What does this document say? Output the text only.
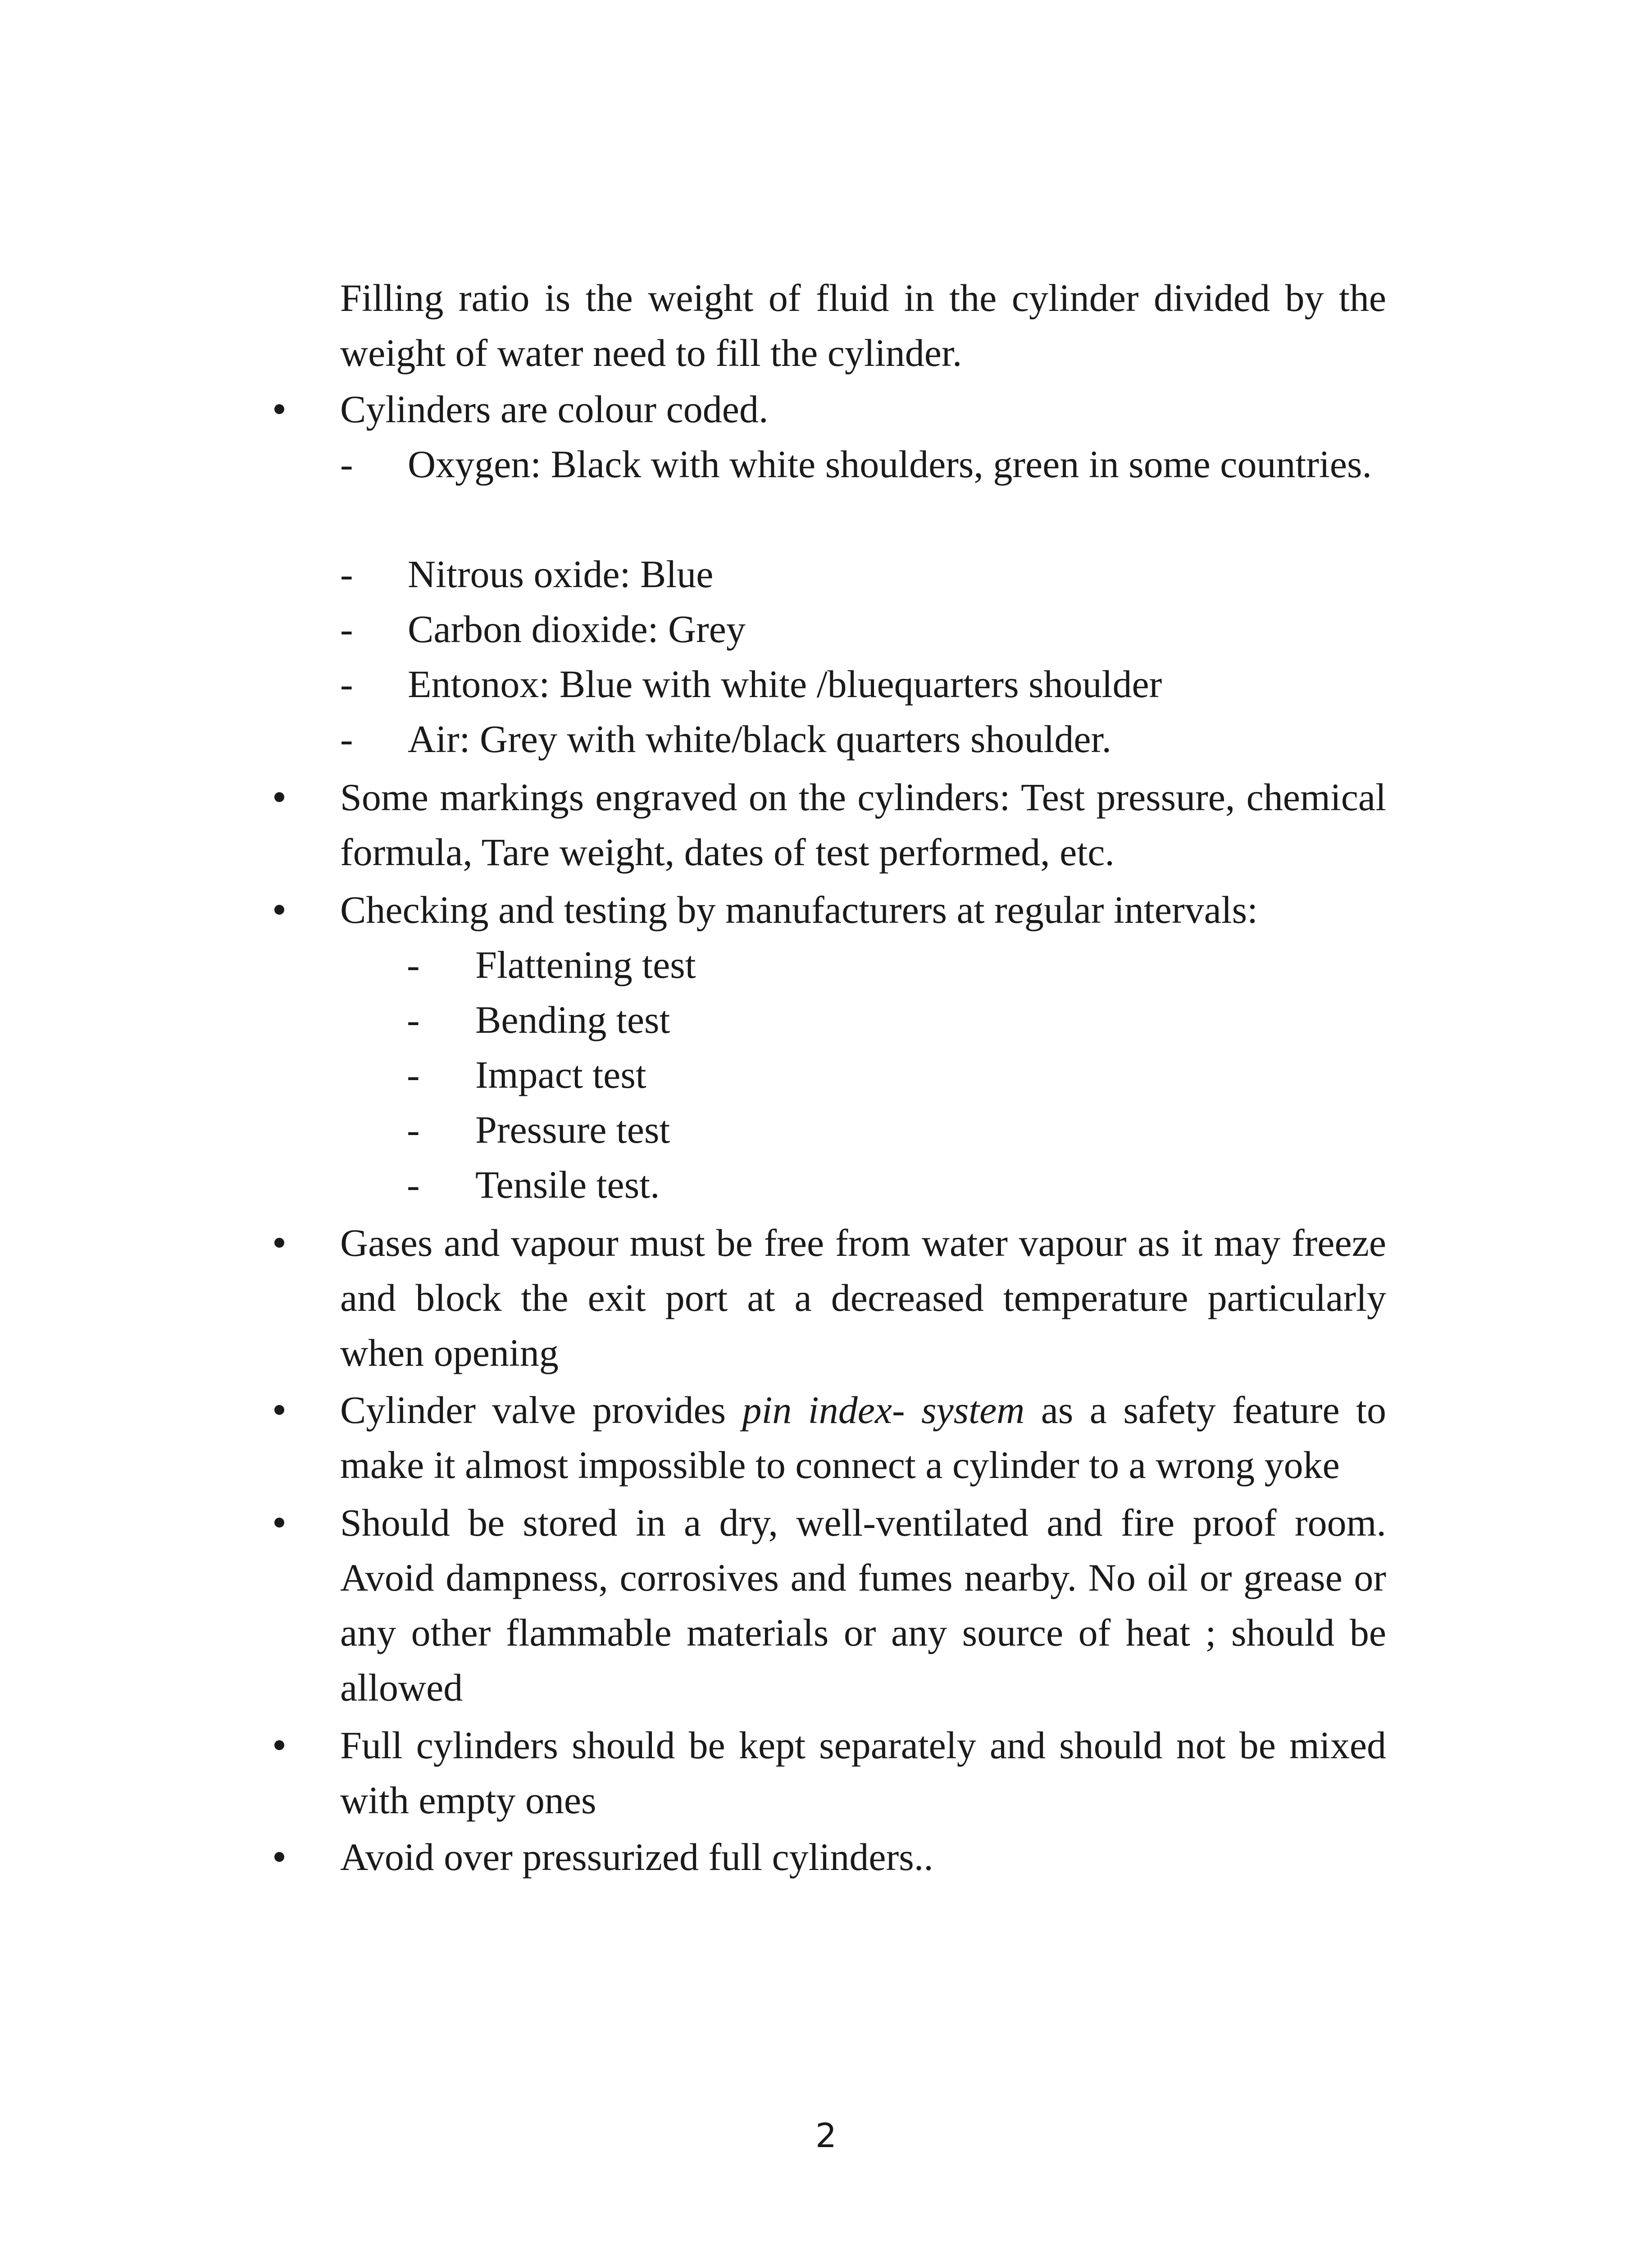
Filling ratio is the weight of fluid in the cylinder divided by the weight of water need to fill the cylinder.
Cylinders are colour coded.
- Oxygen: Black with white shoulders, green in some countries.
- Nitrous oxide: Blue
- Carbon dioxide: Grey
- Entonox: Blue with white /bluequarters shoulder
- Air: Grey with white/black quarters shoulder.
Some markings engraved on the cylinders: Test pressure, chemical formula, Tare weight, dates of test performed, etc.
Checking and testing by manufacturers at regular intervals:
- Flattening test
- Bending test
- Impact test
- Pressure test
- Tensile test.
Gases and vapour must be free from water vapour as it may freeze and block the exit port at a decreased temperature particularly when opening
Cylinder valve provides pin index- system as a safety feature to make it almost impossible to connect a cylinder to a wrong yoke
Should be stored in a dry, well-ventilated and fire proof room. Avoid dampness, corrosives and fumes nearby. No oil or grease or any other flammable materials or any source of heat ; should be allowed
Full cylinders should be kept separately and should not be mixed with empty ones
Avoid over pressurized full cylinders..
2
